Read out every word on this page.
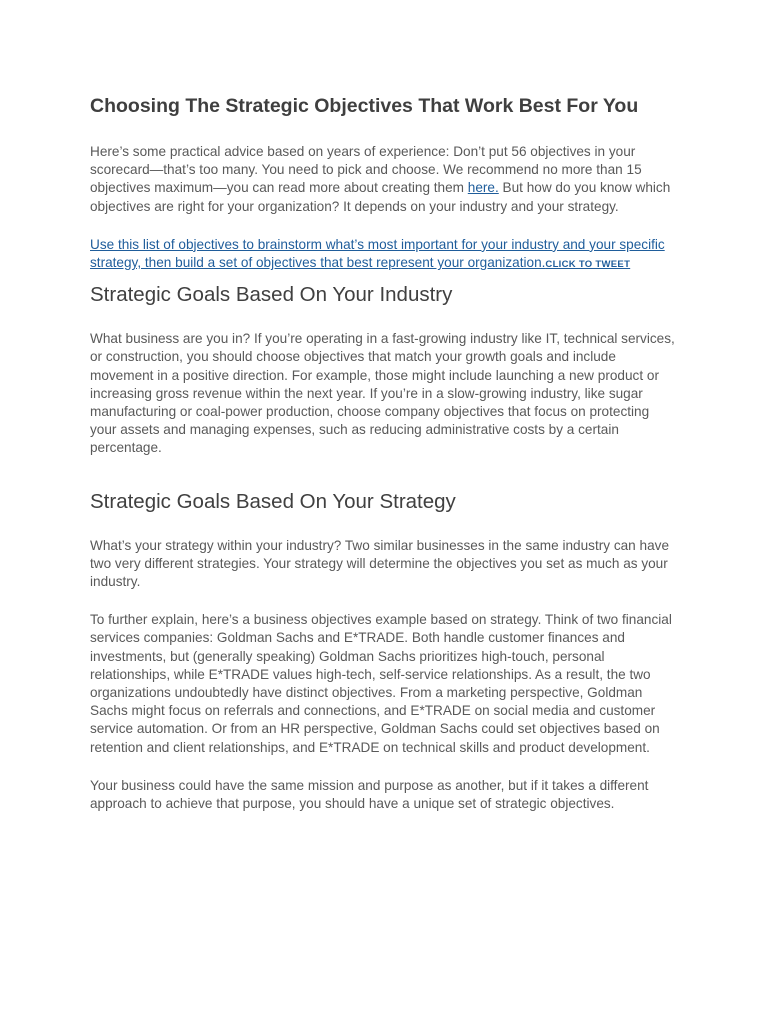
Choosing The Strategic Objectives That Work Best For You

Here’s some practical advice based on years of experience: Don’t put 56 objectives in your scorecard—that’s too many. You need to pick and choose. We recommend no more than 15 objectives maximum—you can read more about creating them here. But how do you know which objectives are right for your organization? It depends on your industry and your strategy.

Use this list of objectives to brainstorm what’s most important for your industry and your specific strategy, then build a set of objectives that best represent your organization.CLICK TO TWEET
Strategic Goals Based On Your Industry

What business are you in? If you’re operating in a fast-growing industry like IT, technical services, or construction, you should choose objectives that match your growth goals and include movement in a positive direction. For example, those might include launching a new product or increasing gross revenue within the next year. If you’re in a slow-growing industry, like sugar manufacturing or coal-power production, choose company objectives that focus on protecting your assets and managing expenses, such as reducing administrative costs by a certain percentage.

Strategic Goals Based On Your Strategy

What’s your strategy within your industry? Two similar businesses in the same industry can have two very different strategies. Your strategy will determine the objectives you set as much as your industry.

To further explain, here’s a business objectives example based on strategy. Think of two financial services companies: Goldman Sachs and E*TRADE. Both handle customer finances and investments, but (generally speaking) Goldman Sachs prioritizes high-touch, personal relationships, while E*TRADE values high-tech, self-service relationships. As a result, the two organizations undoubtedly have distinct objectives. From a marketing perspective, Goldman Sachs might focus on referrals and connections, and E*TRADE on social media and customer service automation. Or from an HR perspective, Goldman Sachs could set objectives based on retention and client relationships, and E*TRADE on technical skills and product development.

Your business could have the same mission and purpose as another, but if it takes a different approach to achieve that purpose, you should have a unique set of strategic objectives.
